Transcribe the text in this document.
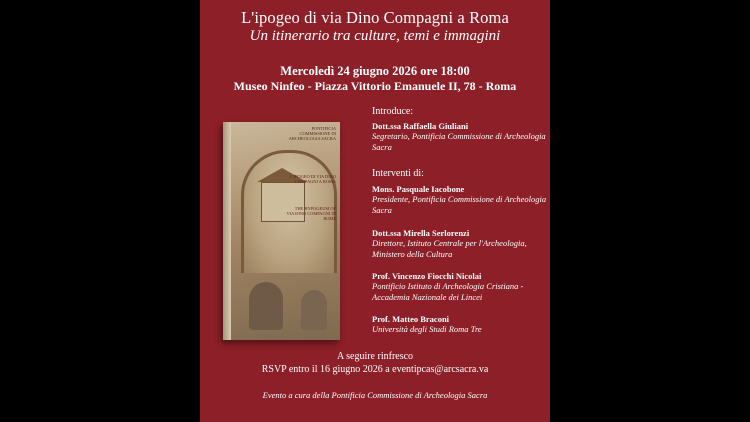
L'ipogeo di via Dino Compagni a Roma
Un itinerario tra culture, temi e immagini
Mercoledì 24 giugno 2026 ore 18:00
Museo Ninfeo - Piazza Vittorio Emanuele II, 78 - Roma
PONTIFICIA COMMISSIONE DI ARCHEOLOGIA SACRA
L'IPOGEO DI VIA DINO COMPAGNI A ROMA
THE HYPOGEUM OF VIA DINO COMPAGNI IN ROME
Introduce:
Dott.ssa Raffaella Giuliani
Segretario, Pontificia Commissione di Archeologia Sacra
Interventi di:
Mons. Pasquale Iacobone
Presidente, Pontificia Commissione di Archeologia Sacra
Dott.ssa Mirella Serlorenzi
Direttore, Istituto Centrale per l'Archeologia, Ministero della Cultura
Prof. Vincenzo Fiocchi Nicolai
Pontificio Istituto di Archeologia Cristiana - Accademia Nazionale dei Lincei
Prof. Matteo Braconi
Università degli Studi Roma Tre
A seguire rinfresco
RSVP entro il 16 giugno 2026 a eventipcas@arcsacra.va
Evento a cura della Pontificia Commissione di Archeologia Sacra
